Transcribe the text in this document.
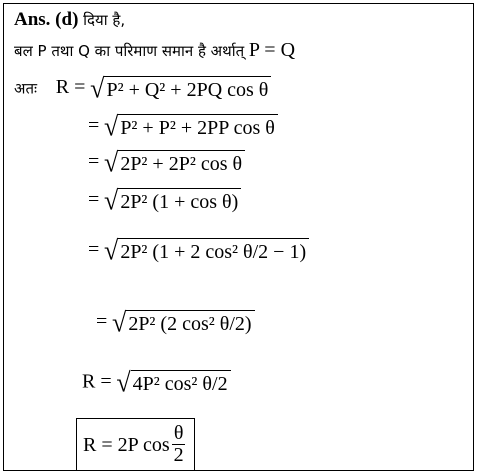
Ans. (d) दिया है,
बल P तथा Q का परिमाण समान है अर्थात् P = Q
अतः R = √ P² + Q² + 2PQ cos θ
= √ P² + P² + 2PP cos θ
= √ 2P² + 2P² cos θ
= √ 2P² (1 + cos θ)
= √ 2P² (1 + 2 cos² θ/2 − 1)
= √ 2P² (2 cos² θ/2)
R = √ 4P² cos² θ/2
R = 2P $\cos \frac{\theta}{2}$
